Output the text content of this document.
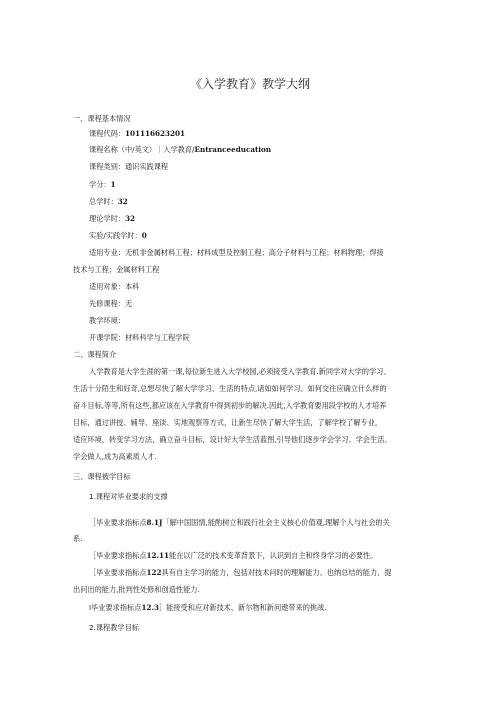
《入学教育》教学大纲
一、课程基本情况
课程代码：101116623201
课程名称（中/英文）｜入学教育/Entranceeducation
课程类别：通识实践课程
学分：1
总学时：32
理论学时：32
实验/实践学时：0
适用专业：无机非金属材料工程；材料成型及控制工程；高分子材料与工程；材料物理；焊接
技术与工程；金属材料工程
适用对象：本科
先修课程：无
教学环境：
开课学院：材料科学与工程学院
二、课程简介
入学教育是大学生涯的第一课,每位新生进入大学校园,必须接受入学教育.新同学对大学的学习、
生活十分陌生和好奇,总想尽快了解大学学习、生活的特点,诸如如何学习、如何交往应确立什么样的
奋斗目标,等等,所有这些,都应该在入学教育中得到初步的解决.因此,入学教育要用段学校的人才培养
目标，通过讲授、辅导、座谈、实地观察等方式，让新生尽快了解大学生活，了解学校了解专业，
适应环境，转变学习方法，确立奋斗目标，设计好大学生活蓝图,引导他们逐步学会学习、学会生活、
学会做人,成为高素质人才.
三、课程被学目标
1.课程对毕业要求的支撑
［毕业要求指标点8.1J「解中国国情,能酌树立和践行社会主义核心价值观,理解个人与社会的关
系.
［毕业要求指标点12.11能在以广泛的技术变革背景下，认识到自主和终身学习的必要性。
［毕业要求指标点122具有自主学习的能力，包括对技术问时的理解能力、也纳总结的能力、提
出问出的能力,批判性处修和创造性能力.
I毕业要求指标点12.3］能接受和应对新技术、新尔物和新问遨带来的挑战.
2.课程教学目标
